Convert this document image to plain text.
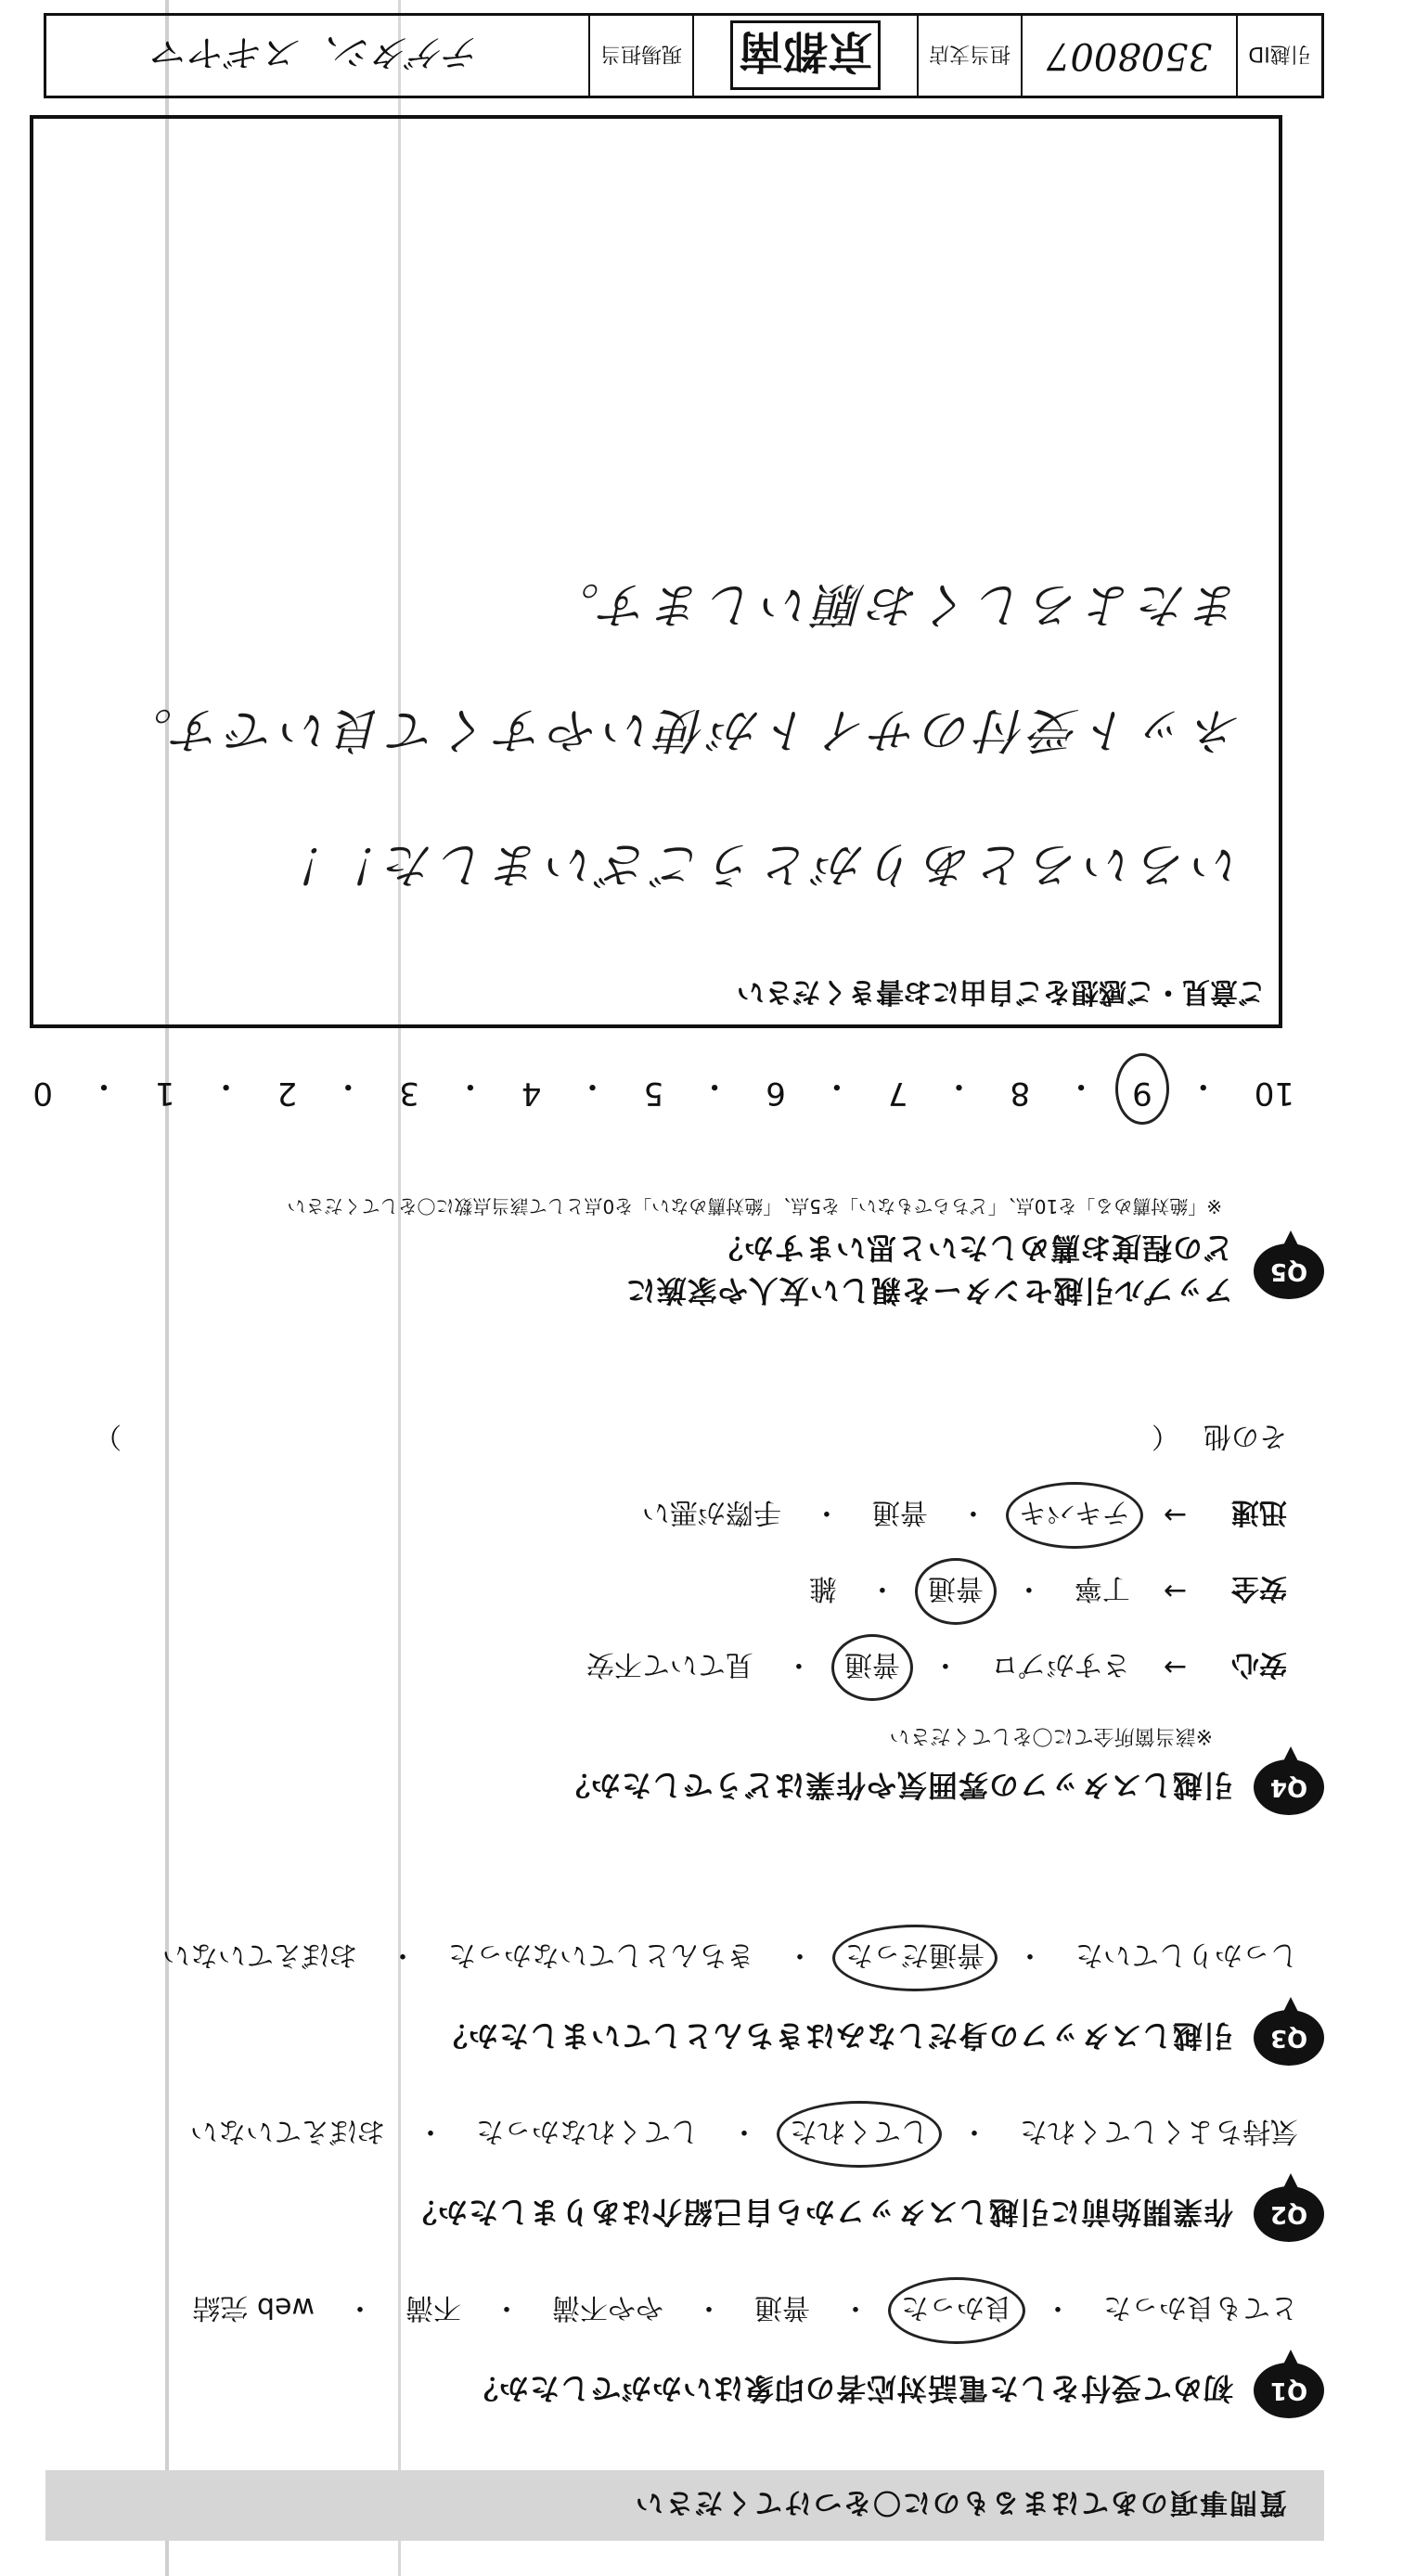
質問事項のあてはまるものに〇をつけてください
Q1
初めて受付をした電話対応者の印象はいかがでしたか？
とても良かった
・
良かった
・
普通
・
やや不満
・
不満
・
web 完結
Q2
作業開始前に引越しスタッフから自己紹介はありましたか？
気持ちよくしてくれた
・
してくれた
・
してくれなかった
・
おぼえていない
Q3
引越しスタッフの身だしなみはきちんとしていましたか？
しっかりしていた
・
普通だった
・
きちんとしていなかった
・
おぼえていない
Q4
引越しスタッフの雰囲気や作業はどうでしたか？
※該当箇所全てに〇をしてください
安心
→
さすがプロ
・
普通
・
見ていて不安
安全
→
丁寧
・
普通
・
雑
迅速
→
テキパキ
・
普通
・
手際が悪い
その他
（
）
Q5
アップル引越センターを親しい友人や家族に
どの程度お薦めしたいと思いますか？
※「絶対薦める」を10点、「どちらでもない」を5点、「絶対薦めない」を0点として該当点数に〇をしてください
10
・
9
・
8
・
7
・
6
・
5
・
4
・
3
・
2
・
1
・
0
ご意見・ご感想をご自由にお書きください
いろいろとありがとうございました！！
ネット受付のサイトが使いやすくて良いです。
またよろしくお願いします。
引越ID
3508007
担当支店
京都南
現場担当
テゲタシ、スギヤマ
